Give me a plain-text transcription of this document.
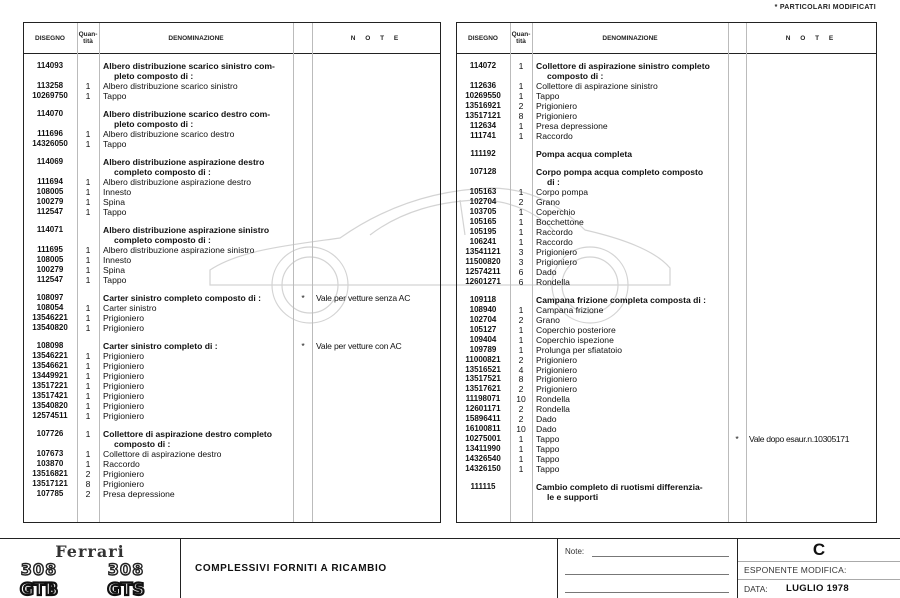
* PARTICOLARI MODIFICATI
DISEGNO	Quan-
tità	DENOMINAZIONE	N O T E
114093	Albero distribuzione scarico sinistro com-
pleto composto di :
113258	1	Albero distribuzione scarico sinistro
10269750	1	Tappo
114070	Albero distribuzione scarico destro com-
pleto composto di :
111696	1	Albero distribuzione scarico destro
14326050	1	Tappo
114069	Albero distribuzione aspirazione destro
completo composto di :
111694	1	Albero distribuzione aspirazione destro
108005	1	Innesto
100279	1	Spina
112547	1	Tappo
114071	Albero distribuzione aspirazione sinistro
completo composto di :
111695	1	Albero distribuzione aspirazione sinistro
108005	1	Innesto
100279	1	Spina
112547	1	Tappo
108097	Carter sinistro completo composto di :	*	Vale per vetture senza AC
108054	1	Carter sinistro
13546221	1	Prigioniero
13540820	1	Prigioniero
108098	Carter sinistro completo di :	*	Vale per vetture con AC
13546221	1	Prigioniero
13546621	1	Prigioniero
13449921	1	Prigioniero
13517221	1	Prigioniero
13517421	1	Prigioniero
13540820	1	Prigioniero
12574511	1	Prigioniero
107726	1	Collettore di aspirazione destro completo
composto di :
107673	1	Collettore di aspirazione destro
103870	1	Raccordo
13516821	2	Prigioniero
13517121	8	Prigioniero
107785	2	Presa depressione
DISEGNO	Quan-
tità	DENOMINAZIONE	N O T E
114072	1	Collettore di aspirazione sinistro completo
composto di :
112636	1	Collettore di aspirazione sinistro
10269550	1	Tappo
13516921	2	Prigioniero
13517121	8	Prigioniero
112634	1	Presa depressione
111741	1	Raccordo
111192	Pompa acqua completa
107128	Corpo pompa acqua completo composto
di :
105163	1	Corpo pompa
102704	2	Grano
103705	1	Coperchio
105165	1	Bocchettone
105195	1	Raccordo
106241	1	Raccordo
13541121	3	Prigioniero
11500820	3	Prigioniero
12574211	6	Dado
12601271	6	Rondella
109118	Campana frizione completa composta di :
108940	1	Campana frizione
102704	2	Grano
105127	1	Coperchio posteriore
109404	1	Coperchio ispezione
109789	1	Prolunga per sfiatatoio
11000821	2	Prigioniero
13516521	4	Prigioniero
13517521	8	Prigioniero
13517621	2	Prigioniero
11198071	10	Rondella
12601171	2	Rondella
15896411	2	Dado
16100811	10	Dado
10275001	1	Tappo	*	Vale dopo esaur.n.10305171
13411990	1	Tappo
14326540	1	Tappo
14326150	1	Tappo
111115	Cambio completo di ruotismi differenzia-
le e supporti
Ferrari
308	308
GTB	GTS
COMPLESSIVI FORNITI A RICAMBIO
Note:	C
ESPONENTE MODIFICA:
DATA: LUGLIO 1978
